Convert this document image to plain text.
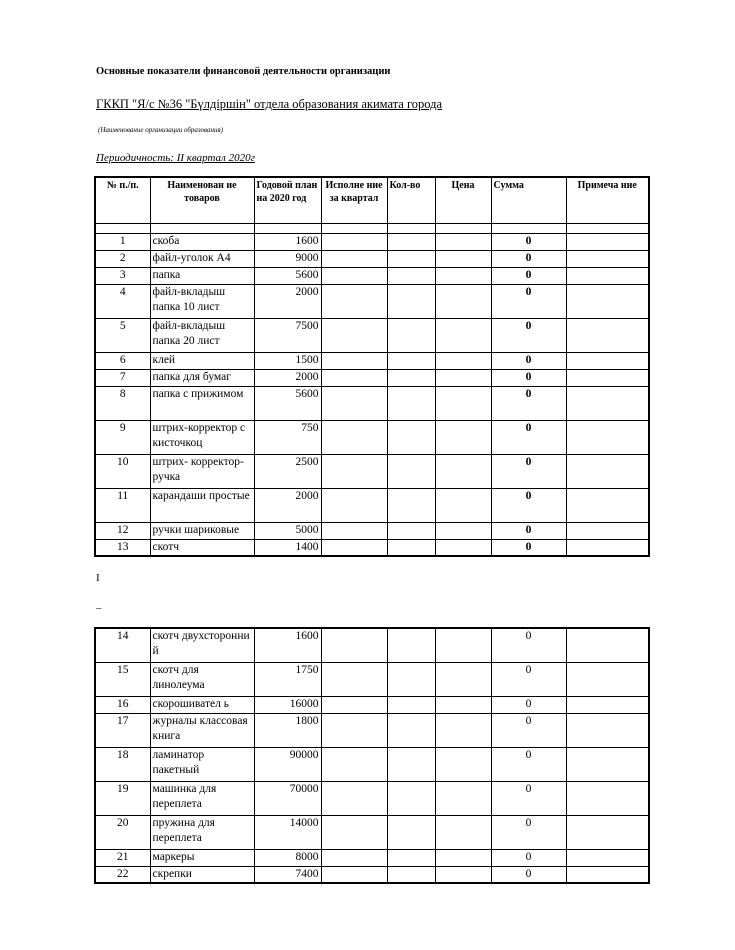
Основные показатели финансовой деятельности организации
ГККП "Я/с №36 "Бүлдіршін" отдела образования акимата города
(Наименование организации образования)
Периодичность: II квартал 2020г
№ п./п.	Наименован ие товаров	Годовой план на 2020 год	Исполне ние за квартал	Кол-во	Цена	Сумма	Примеча ние

1	скоба	1600				0	
2	файл-уголок А4	9000				0	
3	папка	5600				0	
4	файл-вкладыш папка 10 лист	2000				0	
5	файл-вкладыш папка 20 лист	7500				0	
6	клей	1500				0	
7	папка для бумаг	2000				0	
8	папка с прижимом	5600				0	
9	штрих-корректор с кисточкоц	750				0	
10	штрих- корректор-ручка	2500				0	
11	карандаши простые	2000				0	
12	ручки шариковые	5000				0	
13	скотч	1400				0	
I
–
14	скотч двухсторонни й	1600				0	
15	скотч для линолеума	1750				0	
16	скорошивател ь	16000				0	
17	журналы классовая книга	1800				0	
18	ламинатор пакетный	90000				0	
19	машинка для переплета	70000				0	
20	пружина для переплета	14000				0	
21	маркеры	8000				0	
22	скрепки	7400				0	
